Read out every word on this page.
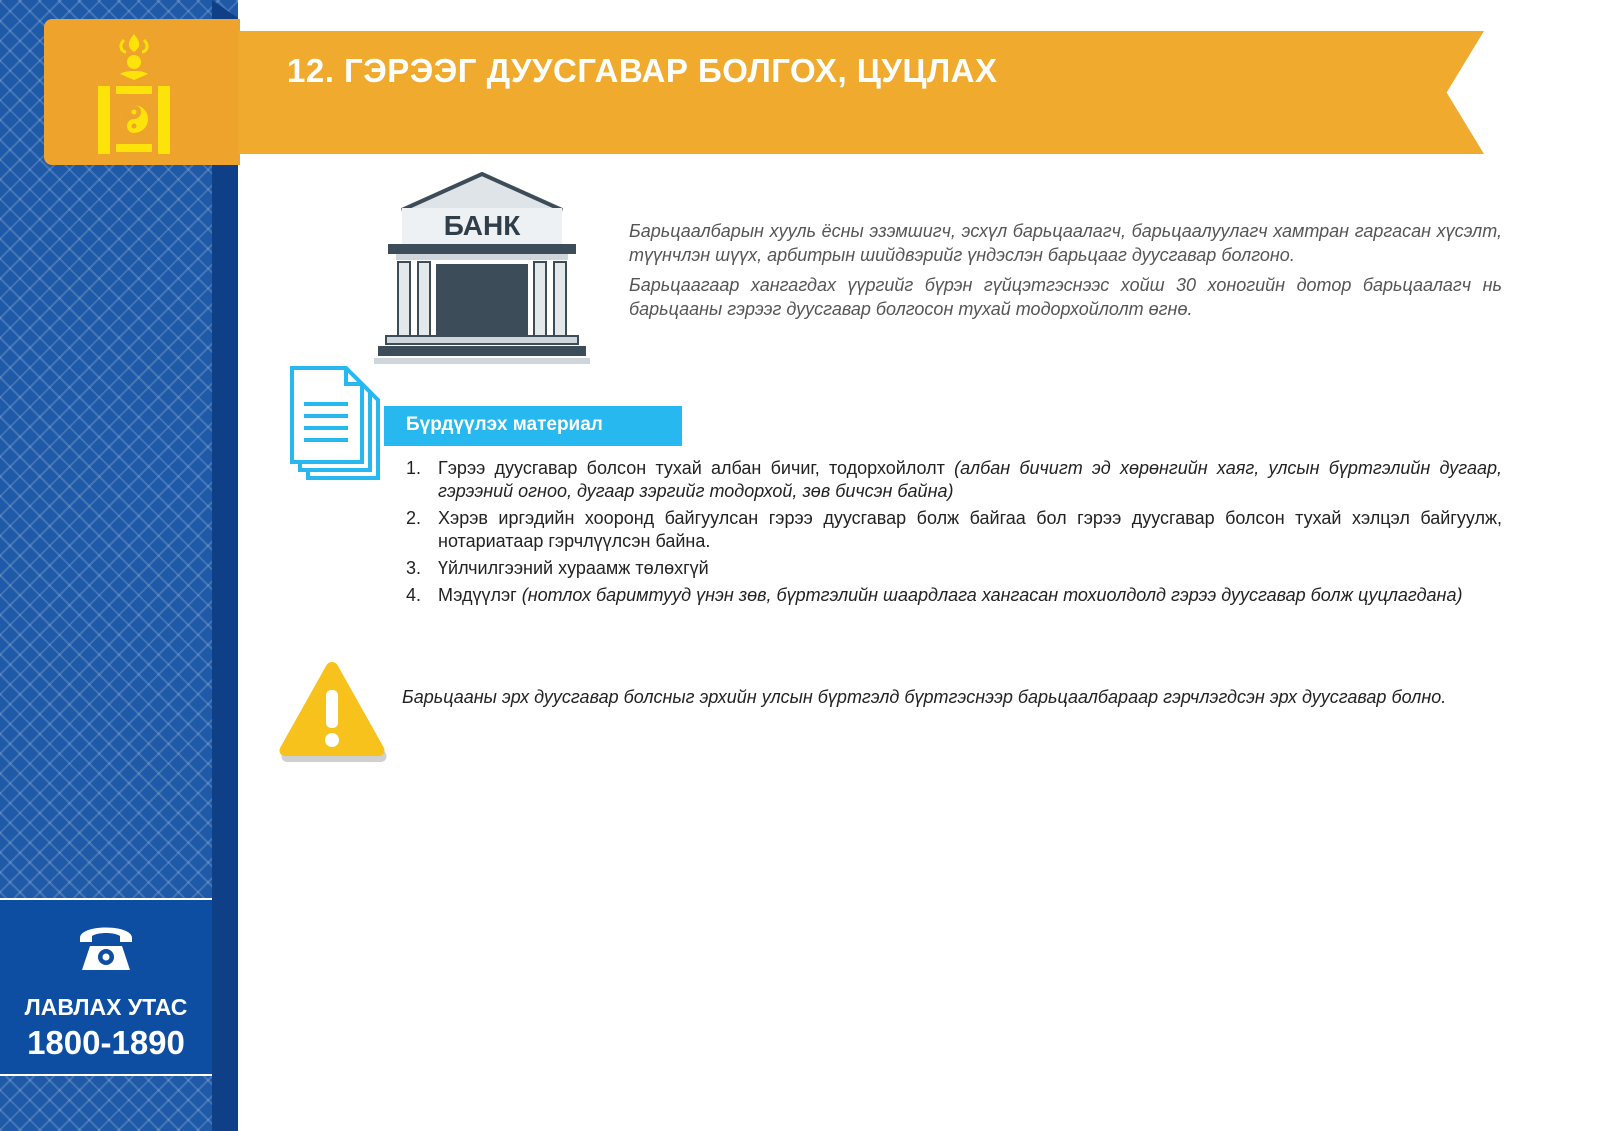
ЛАВЛАХ УТАС
1800-1890
12. ГЭРЭЭГ ДУУСГАВАР БОЛГОХ, ЦУЦЛАХ
БАНК	Барьцаалбарын хууль ёсны эзэмшигч, эсхүл барьцаалагч, барьцаалуулагч хамтран гаргасан хүсэлт, түүнчлэн шүүх, арбитрын шийдвэрийг үндэслэн барьцааг дуусгавар болгоно.

Барьцаагаар хангагдах үүргийг бүрэн гүйцэтгэснээс хойш 30 хоногийн дотор барьцаалагч нь барьцааны гэрээг дуусгавар болгосон тухай тодорхойлолт өгнө.

Бүрдүүлэх материал
1. Гэрээ дуусгавар болсон тухай албан бичиг, тодорхойлолт (албан бичигт эд хөрөнгийн хаяг, улсын бүртгэлийн дугаар, гэрээний огноо, дугаар зэргийг тодорхой, зөв бичсэн байна)
2. Хэрэв иргэдийн хооронд байгуулсан гэрээ дуусгавар болж байгаа бол гэрээ дуусгавар болсон тухай хэлцэл байгуулж, нотариатаар гэрчлүүлсэн байна.
3. Үйлчилгээний хураамж төлөхгүй
4. Мэдүүлэг (нотлох баримтууд үнэн зөв, бүртгэлийн шаардлага хангасан тохиолдолд гэрээ дуусгавар болж цуцлагдана)
Барьцааны эрх дуусгавар болсныг эрхийн улсын бүртгэлд бүртгэснээр барьцаалбараар гэрчлэгдсэн эрх дуусгавар болно.
